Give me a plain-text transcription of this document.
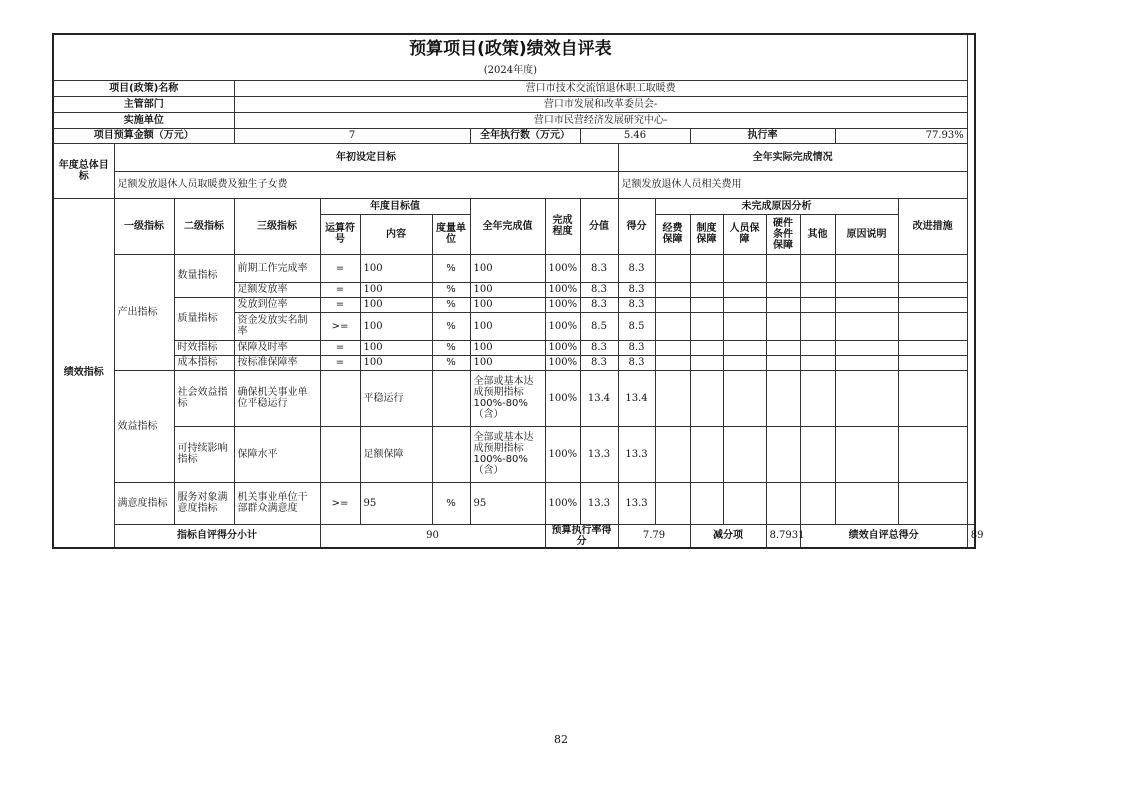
预算项目(政策)绩效自评表																		
(2024年度)																		
项目(政策)名称			营口市技术交流馆退休职工取暖费															
主管部门			营口市发展和改革委员会-															
实施单位			营口市民营经济发展研究中心-															
项目预算金额（万元）			7				全年执行数（万元）		5.46			执行率				77.93%		
年度总体目标	年初设定目标									全年实际完成情况								
	足额发放退休人员取暖费及独生子女费									足额发放退休人员相关费用								
绩效指标	一级指标	二级指标	三级指标	年度目标值			全年完成值	完成程度	分值	得分	未完成原因分析						改进措施	
				运算符号	内容	度量单位					经费保障	制度保障	人员保障	硬件条件保障	其他	原因说明		
	产出指标	数量指标	前期工作完成率	=	100	%	100	100%	8.3	8.3								
			足额发放率	=	100	%	100	100%	8.3	8.3								
		质量指标	发放到位率	=	100	%	100	100%	8.3	8.3								
			资金发放实名制率	>=	100	%	100	100%	8.5	8.5								
		时效指标	保障及时率	=	100	%	100	100%	8.3	8.3								
		成本指标	按标准保障率	=	100	%	100	100%	8.3	8.3								
	效益指标	社会效益指标	确保机关事业单位平稳运行		平稳运行		全部或基本达成预期指标100%-80%（含）	100%	13.4	13.4								
		可持续影响指标	保障水平		足额保障		全部或基本达成预期指标100%-80%（含）	100%	13.3	13.3								
	满意度指标	服务对象满意度指标	机关事业单位干部群众满意度	>=	95	%	95	100%	13.3	13.3								
	指标自评得分小计			90				预算执行率得分		7.79		减分项		8.7931	绩效自评总得分			89
82
